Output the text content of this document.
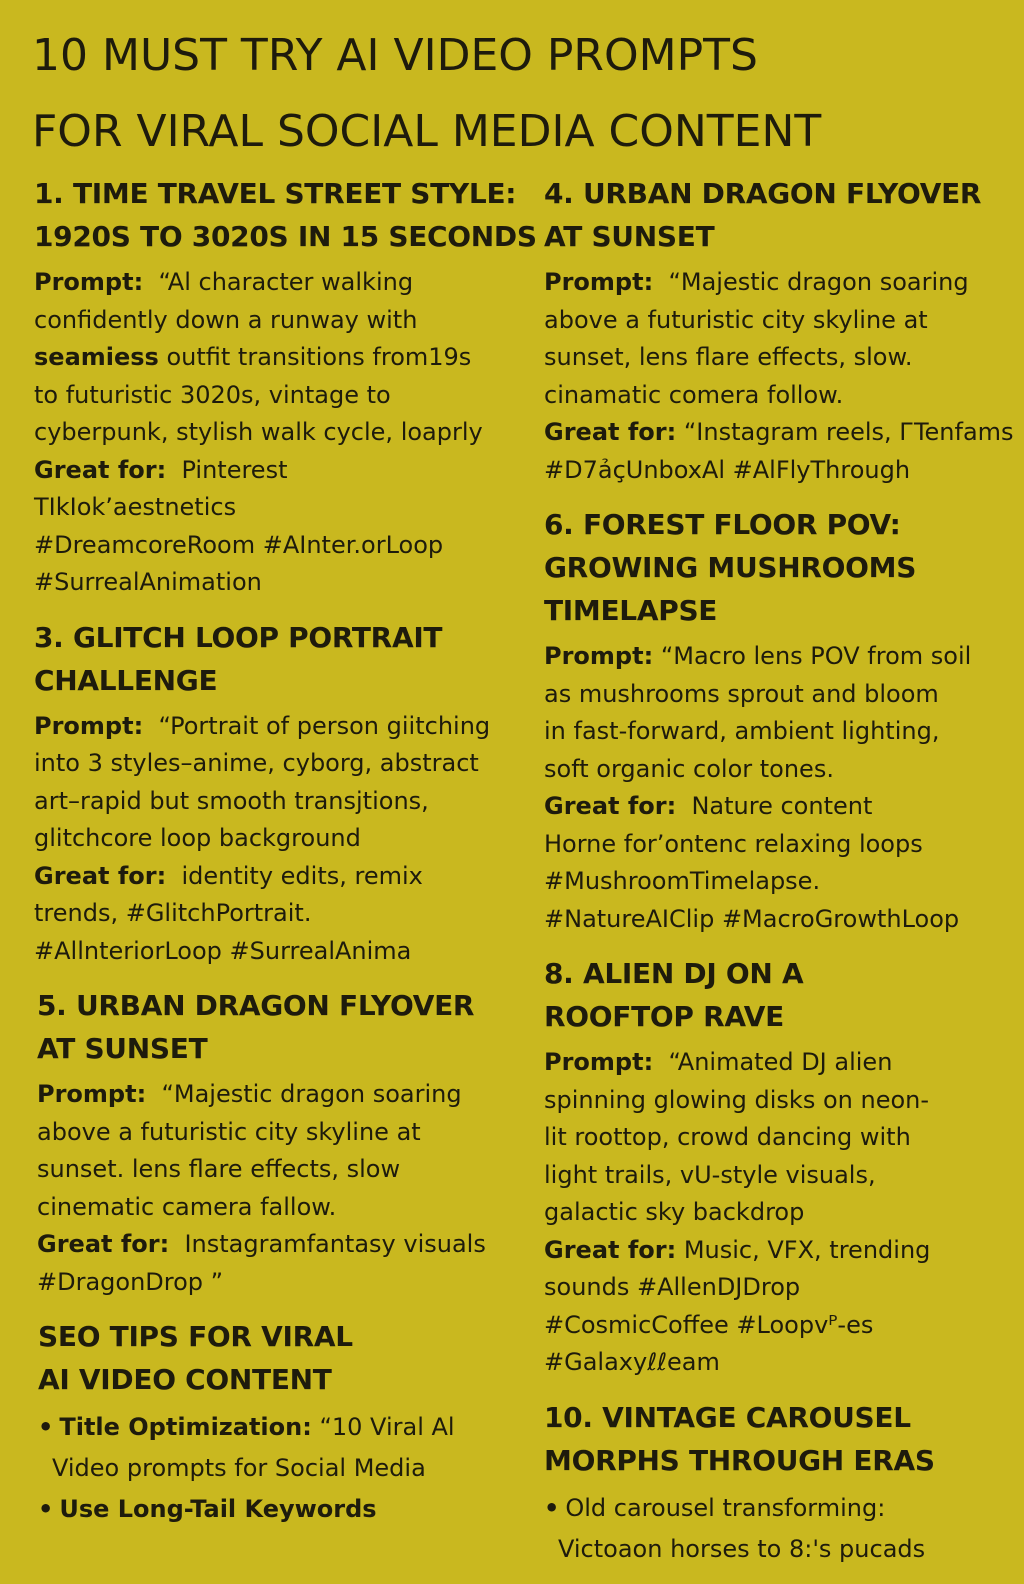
10 MUST TRY AI VIDEO PROMPTS
FOR VIRAL SOCIAL MEDIA CONTENT
1. TIME TRAVEL STREET STYLE:
1920S TO 3020S IN 15 SECONDS
Prompt: “Al character walking
confidently down a runway with
seamiess outfit transitions from19s
to futuristic 3020s, vintage to
cyberpunk, stylish walk cycle, loaprly
Great for: Pinterest
TIkIok’aestnetics
#DreamcoreRoom #AInter.orLoop
#SurrealAnimation
3. GLITCH LOOP PORTRAIT
CHALLENGE
Prompt: “Portrait of person giitching
into 3 styles–anime, cyborg, abstract
art–rapid but smooth transjtions,
glitchcore loop background
Great for: identity edits, remix
trends, #GlitchPortrait.
#AllnteriorLoop #SurrealAnima
5. URBAN DRAGON FLYOVER
AT SUNSET
Prompt: “Majestic dragon soaring
above a futuristic city skyline at
sunset. lens flare effects, slow
cinematic camera fallow.
Great for: Instagramfantasy visuals
#DragonDrop ”
SEO TIPS FOR VIRAL
AI VIDEO CONTENT
• Title Optimization: “10 Viral Al
Video prompts for Social Media
• Use Long-Tail Keywords
4. URBAN DRAGON FLYOVER
AT SUNSET
Prompt: “Majestic dragon soaring
above a futuristic city skyline at
sunset, lens flare effects, slow.
cinamatic comera follow.
Great for: “Instagram reels, ГTenfams
#D7ảçUnboxAl #AlFlyThrough
6. FOREST FLOOR POV:
GROWING MUSHROOMS
TIMELAPSE
Prompt: “Macro lens POV from soil
as mushrooms sprout and bloom
in fast-forward, ambient lighting,
soft organic color tones.
Great for: Nature content
Horne for’ontenc relaxing loops
#MushroomTimelapse.
#NatureAIClip #MacroGrowthLoop
8. ALIEN DJ ON A
ROOFTOP RAVE
Prompt: “Animated DJ alien
spinning glowing disks on neon-
lit roottop, crowd dancing with
light trails, vU-style visuals,
galactic sky backdrop
Great for: Music, VFX, trending
sounds #AllenDJDrop
#CosmicCoffee #Loopvᴾ-es
#Galaxyℓℓeam
10. VINTAGE CAROUSEL
MORPHS THROUGH ERAS
• Old carousel transforming:
Victoaon horses to 8:'s pucads
